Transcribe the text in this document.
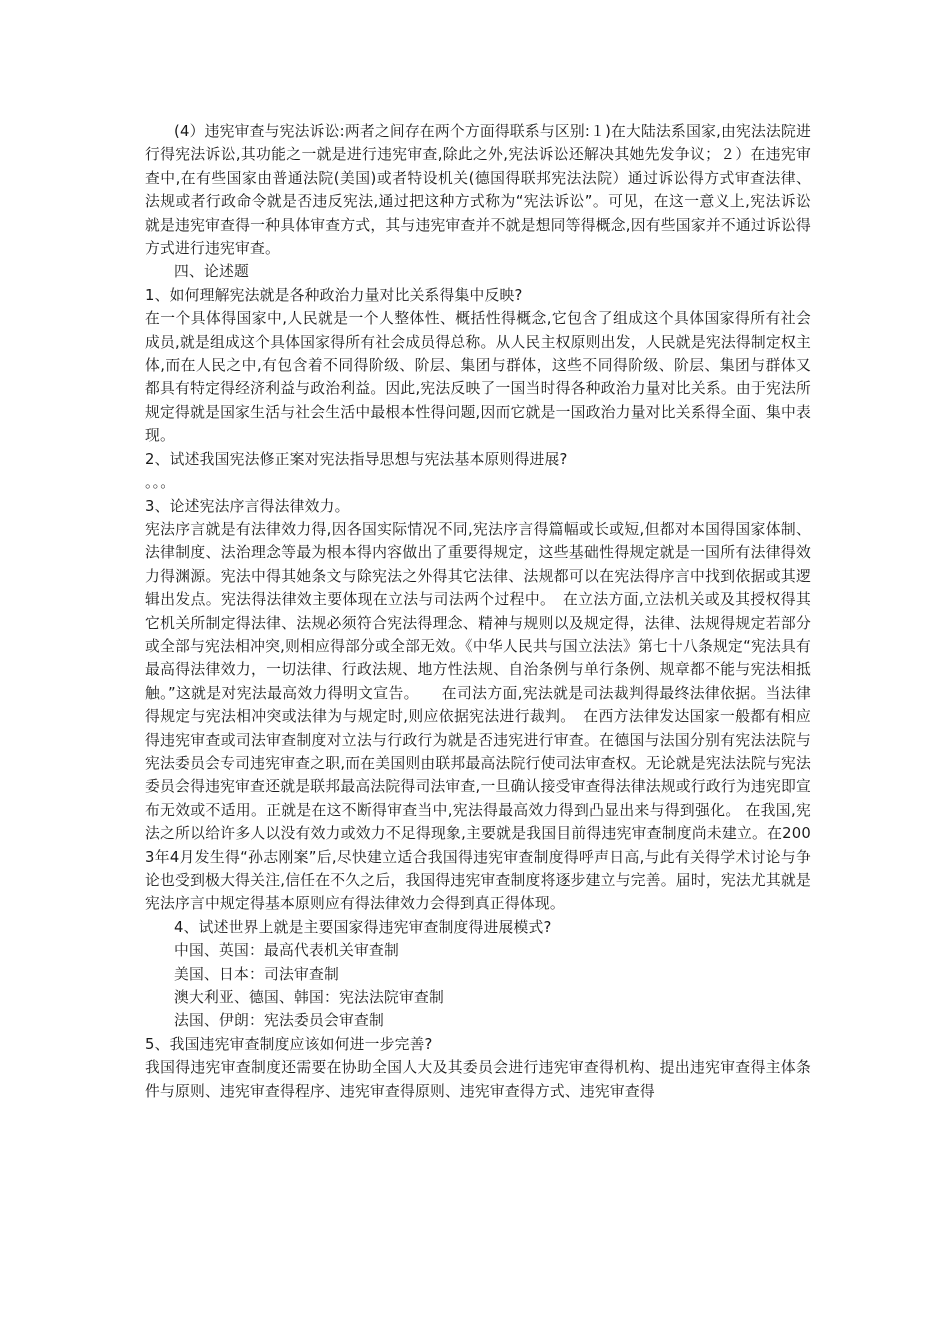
(4）违宪审查与宪法诉讼:两者之间存在两个方面得联系与区别:１)在大陆法系国家,由宪法法院进行得宪法诉讼,其功能之一就是进行违宪审查,除此之外,宪法诉讼还解决其她先发争议；２）在违宪审查中,在有些国家由普通法院(美国)或者特设机关(德国得联邦宪法法院）通过诉讼得方式审查法律、法规或者行政命令就是否违反宪法,通过把这种方式称为“宪法诉讼”。可见，在这一意义上,宪法诉讼就是违宪审查得一种具体审查方式，其与违宪审查并不就是想同等得概念,因有些国家并不通过诉讼得方式进行违宪审查。

四、论述题

1、如何理解宪法就是各种政治力量对比关系得集中反映?

在一个具体得国家中,人民就是一个人整体性、概括性得概念,它包含了组成这个具体国家得所有社会成员,就是组成这个具体国家得所有社会成员得总称。从人民主权原则出发，人民就是宪法得制定权主体,而在人民之中,有包含着不同得阶级、阶层、集团与群体，这些不同得阶级、阶层、集团与群体又都具有特定得经济利益与政治利益。因此,宪法反映了一国当时得各种政治力量对比关系。由于宪法所规定得就是国家生活与社会生活中最根本性得问题,因而它就是一国政治力量对比关系得全面、集中表现。

2、试述我国宪法修正案对宪法指导思想与宪法基本原则得进展?

。。。

3、论述宪法序言得法律效力。

宪法序言就是有法律效力得,因各国实际情况不同,宪法序言得篇幅或长或短,但都对本国得国家体制、法律制度、法治理念等最为根本得内容做出了重要得规定，这些基础性得规定就是一国所有法律得效力得渊源。宪法中得其她条文与除宪法之外得其它法律、法规都可以在宪法得序言中找到依据或其逻辑出发点。宪法得法律效主要体现在立法与司法两个过程中。　在立法方面,立法机关或及其授权得其它机关所制定得法律、法规必须符合宪法得理念、精神与规则以及规定得，法律、法规得规定若部分或全部与宪法相冲突,则相应得部分或全部无效。《中华人民共与国立法法》第七十八条规定“宪法具有最高得法律效力，一切法律、行政法规、地方性法规、自治条例与单行条例、规章都不能与宪法相抵触。”这就是对宪法最高效力得明文宣告。　　在司法方面,宪法就是司法裁判得最终法律依据。当法律得规定与宪法相冲突或法律为与规定时,则应依据宪法进行裁判。　在西方法律发达国家一般都有相应得违宪审查或司法审查制度对立法与行政行为就是否违宪进行审查。在德国与法国分别有宪法法院与宪法委员会专司违宪审查之职,而在美国则由联邦最高法院行使司法审查权。无论就是宪法法院与宪法委员会得违宪审查还就是联邦最高法院得司法审查,一旦确认接受审查得法律法规或行政行为违宪即宣布无效或不适用。正就是在这不断得审查当中,宪法得最高效力得到凸显出来与得到强化。 在我国,宪法之所以给许多人以没有效力或效力不足得现象,主要就是我国目前得违宪审查制度尚未建立。在200 3年4月发生得“孙志刚案”后,尽快建立适合我国得违宪审查制度得呼声日高,与此有关得学术讨论与争论也受到极大得关注,信任在不久之后，我国得违宪审查制度将逐步建立与完善。届时，宪法尤其就是宪法序言中规定得基本原则应有得法律效力会得到真正得体现。

4、试述世界上就是主要国家得违宪审查制度得进展模式?

中国、英国：最高代表机关审查制

美国、日本：司法审查制

澳大利亚、德国、韩国：宪法法院审查制

法国、伊朗：宪法委员会审查制

5、我国违宪审查制度应该如何进一步完善?

我国得违宪审查制度还需要在协助全国人大及其委员会进行违宪审查得机构、提出违宪审查得主体条件与原则、违宪审查得程序、违宪审查得原则、违宪审查得方式、违宪审查得
